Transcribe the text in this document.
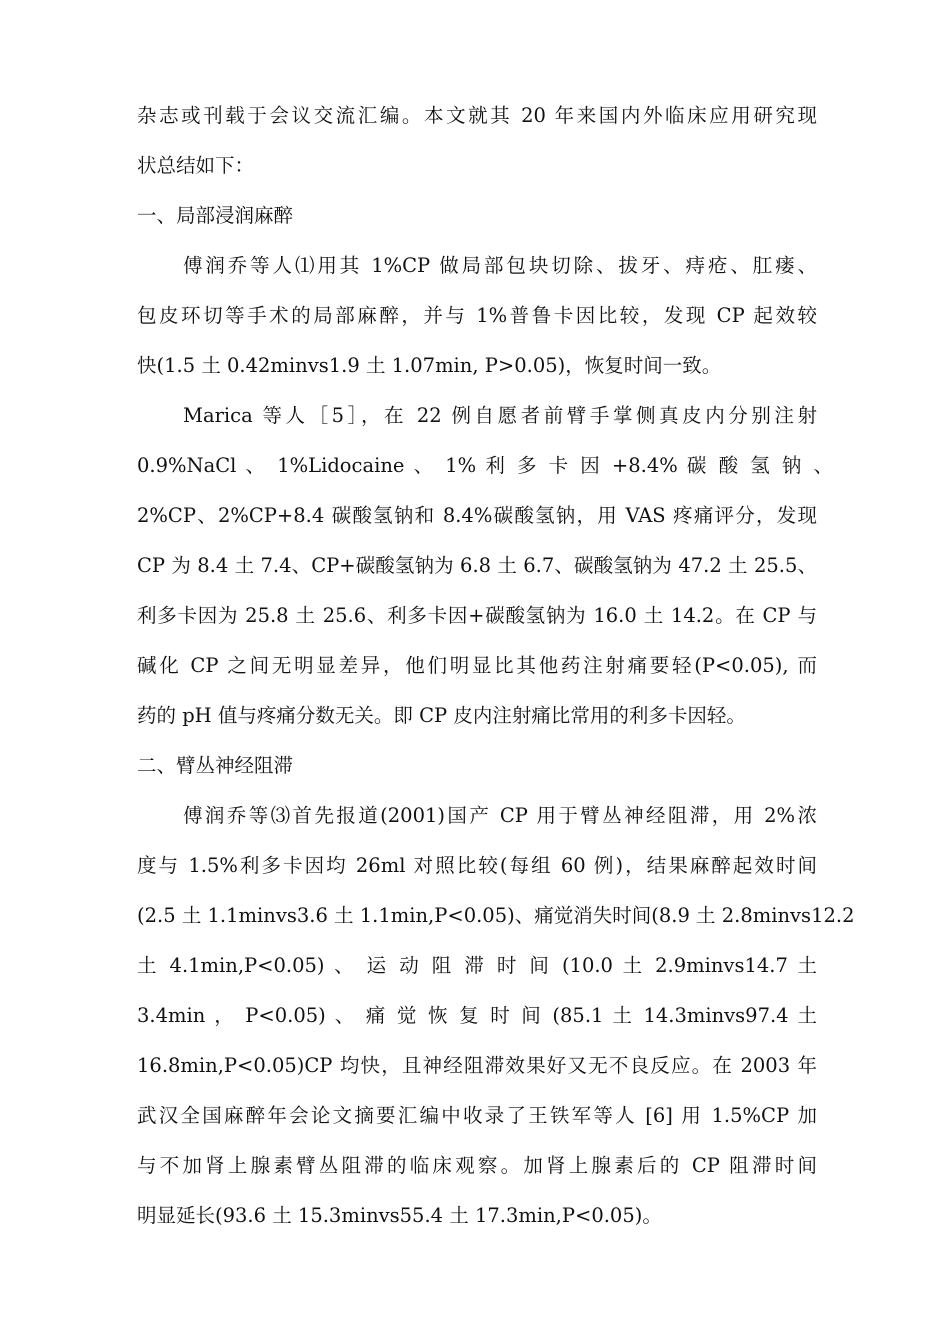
杂志或刊载于会议交流汇编。本文就其 20 年来国内外临床应用研究现

状总结如下：

一、局部浸润麻醉

傅润乔等人⑴用其 1%CP 做局部包块切除、拔牙、痔疮、肛瘘、

包皮环切等手术的局部麻醉，并与 1%普鲁卡因比较，发现 CP 起效较

快(1.5 土 0.42minvs1.9 土 1.07min, P>0.05)，恢复时间一致。

Marica 等人［5］，在 22 例自愿者前臂手掌侧真皮内分别注射

0.9%NaCl 、 1%Lidocaine 、 1% 利 多 卡 因 +8.4% 碳 酸 氢 钠 、

2%CP、2%CP+8.4 碳酸氢钠和 8.4%碳酸氢钠，用 VAS 疼痛评分，发现

CP 为 8.4 土 7.4、CP+碳酸氢钠为 6.8 土 6.7、碳酸氢钠为 47.2 土 25.5、

利多卡因为 25.8 土 25.6、利多卡因+碳酸氢钠为 16.0 土 14.2。在 CP 与

碱化 CP 之间无明显差异，他们明显比其他药注射痛要轻(P<0.05), 而

药的 pH 值与疼痛分数无关。即 CP 皮内注射痛比常用的利多卡因轻。

二、臂丛神经阻滞

傅润乔等⑶首先报道(2001)国产 CP 用于臂丛神经阻滞，用 2%浓

度与 1.5%利多卡因均 26ml 对照比较(每组 60 例)，结果麻醉起效时间

(2.5 土 1.1minvs3.6 土 1.1min,P<0.05)、痛觉消失时间(8.9 土 2.8minvs12.2

土 4.1min,P<0.05) 、 运 动 阻 滞 时 间 (10.0 土 2.9minvs14.7 土

3.4min ， P<0.05) 、 痛 觉 恢 复 时 间 (85.1 土 14.3minvs97.4 土

16.8min,P<0.05)CP 均快，且神经阻滞效果好又无不良反应。在 2003 年

武汉全国麻醉年会论文摘要汇编中收录了王铁军等人 [6] 用 1.5%CP 加

与不加肾上腺素臂丛阻滞的临床观察。加肾上腺素后的 CP 阻滞时间

明显延长(93.6 土 15.3minvs55.4 土 17.3min,P<0.05)。
